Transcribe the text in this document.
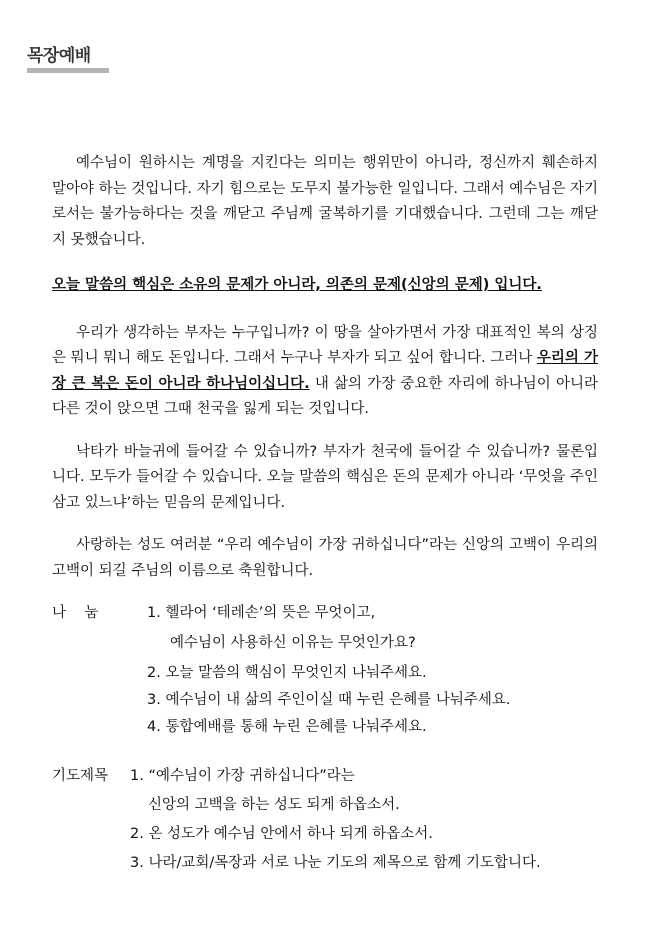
목장예배

예수님이 원하시는 계명을 지킨다는 의미는 행위만이 아니라, 정신까지 훼손하지 말아야 하는 것입니다. 자기 힘으로는 도무지 불가능한 일입니다. 그래서 예수님은 자기로서는 불가능하다는 것을 깨닫고 주님께 굴복하기를 기대했습니다. 그런데 그는 깨닫지 못했습니다.

오늘 말씀의 핵심은 소유의 문제가 아니라, 의존의 문제(신앙의 문제) 입니다.

우리가 생각하는 부자는 누구입니까? 이 땅을 살아가면서 가장 대표적인 복의 상징은 뭐니 뭐니 해도 돈입니다. 그래서 누구나 부자가 되고 싶어 합니다. 그러나 우리의 가장 큰 복은 돈이 아니라 하나님이십니다. 내 삶의 가장 중요한 자리에 하나님이 아니라 다른 것이 앉으면 그때 천국을 잃게 되는 것입니다.

낙타가 바늘귀에 들어갈 수 있습니까? 부자가 천국에 들어갈 수 있습니까? 물론입니다. 모두가 들어갈 수 있습니다. 오늘 말씀의 핵심은 돈의 문제가 아니라 ‘무엇을 주인 삼고 있느냐’하는 믿음의 문제입니다.

사랑하는 성도 여러분 “우리 예수님이 가장 귀하십니다”라는 신앙의 고백이 우리의 고백이 되길 주님의 이름으로 축원합니다.

나    눔	1. 헬라어 ‘테레손’의 뜻은 무엇이고,
예수님이 사용하신 이유는 무엇인가요?
2. 오늘 말씀의 핵심이 무엇인지 나눠주세요.
3. 예수님이 내 삶의 주인이실 때 누린 은혜를 나눠주세요.
4. 통합예배를 통해 누린 은혜를 나눠주세요.
기도제목 1. “예수님이 가장 귀하십니다”라는
신앙의 고백을 하는 성도 되게 하옵소서.
2. 온 성도가 예수님 안에서 하나 되게 하옵소서.
3. 나라/교회/목장과 서로 나눈 기도의 제목으로 함께 기도합니다.
